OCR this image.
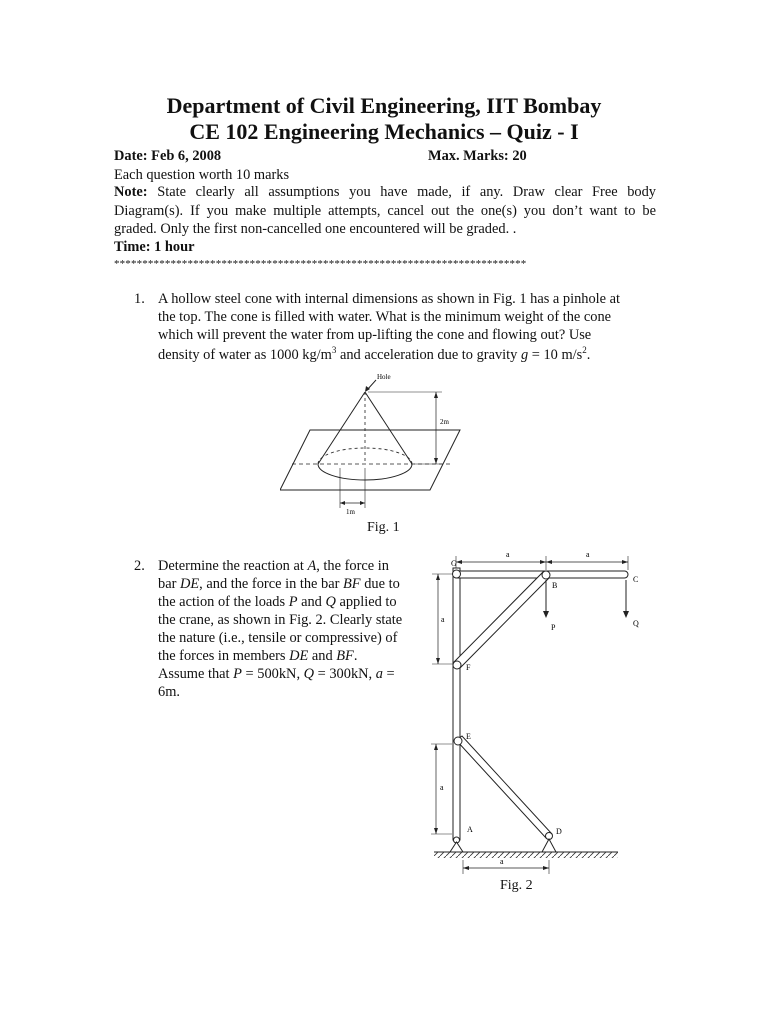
Department of Civil Engineering, IIT Bombay
CE 102 Engineering Mechanics – Quiz - I
Date: Feb 6, 2008	Max. Marks: 20
Each question worth 10 marks
Note: State clearly all assumptions you have made, if any. Draw clear Free body
Diagram(s). If you make multiple attempts, cancel out the one(s) you don’t want to be
graded. Only the first non-cancelled one encountered will be graded. .
Time: 1 hour
*************************************************************************
1. A hollow steel cone with internal dimensions as shown in Fig. 1 has a pinhole at
the top. The cone is filled with water. What is the minimum weight of the cone
which will prevent the water from up-lifting the cone and flowing out? Use
density of water as 1000 $kg/m^3$ and acceleration due to gravity g = 10 $m/s^2$.
Hole
2m
1m
Fig. 1
2. Determine the reaction at A, the force in
bar DE, and the force in the bar BF due to
the action of the loads P and Q applied to
the crane, as shown in Fig. 2. Clearly state
the nature (i.e., tensile or compressive) of
the forces in members DE and BF.
Assume that P = 500kN, Q = 300kN, a =
6m.
a	a
a
a
a
G
B
C
P	Q
F
E
A	D
Fig. 2
